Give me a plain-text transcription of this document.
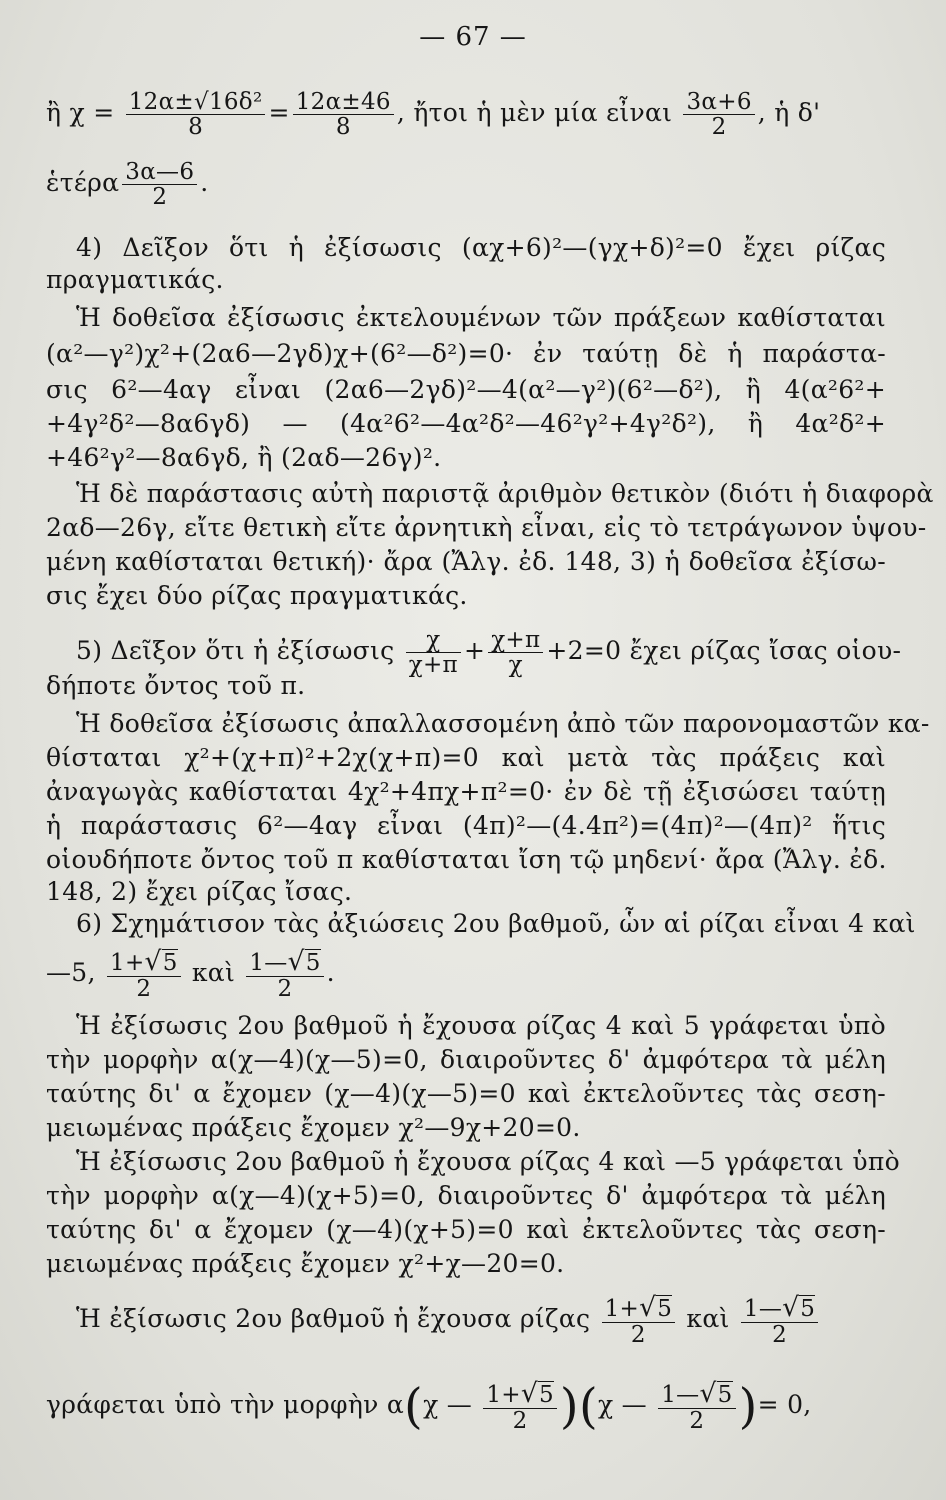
— 67 —
ἢ $\chi = \frac{\text{12α±√16δ²}}{8} = \frac{12\alpha\pm 46}{8}$ , ἤτοι ἡ μὲν μία εἶναι $\frac{3\alpha+6}{2}$ , ἡ δ'
ἑτέρα $\frac{3\alpha—6}{2}$ .
4) Δεῖξον ὅτι ἡ ἐξίσωσις (αχ+6)²—(γχ+δ)²=0 ἔχει ρίζας
πραγματικάς.
Ἡ δοθεῖσα ἐξίσωσις ἐκτελουμένων τῶν πράξεων καθίσταται
(α²—γ²)χ²+(2α6—2γδ)χ+(6²—δ²)=0· ἐν ταύτῃ δὲ ἡ παράστα-
σις 6²—4αγ εἶναι (2α6—2γδ)²—4(α²—γ²)(6²—δ²), ἢ 4(α²6²+
+4γ²δ²—8α6γδ) — (4α²6²—4α²δ²—46²γ²+4γ²δ²), ἢ 4α²δ²+
+46²γ²—8α6γδ, ἢ (2αδ—26γ)².
Ἡ δὲ παράστασις αὐτὴ παριστᾷ ἀριθμὸν θετικὸν (διότι ἡ διαφορὰ
2αδ—26γ, εἴτε θετικὴ εἴτε ἀρνητικὴ εἶναι, εἰς τὸ τετράγωνον ὑψου-
μένη καθίσταται θετική)· ἄρα (Ἄλγ. ἐδ. 148, 3) ἡ δοθεῖσα ἐξίσω-
σις ἔχει δύο ρίζας πραγματικάς.
5) Δεῖξον ὅτι ἡ ἐξίσωσις $\frac{\chi}{\chi+\pi} + \frac{\chi+\pi}{\chi} +2=0$ ἔχει ρίζας ἴσας οἱου-
δήποτε ὄντος τοῦ π.
Ἡ δοθεῖσα ἐξίσωσις ἀπαλλασσομένη ἀπὸ τῶν παρονομαστῶν κα-
θίσταται χ²+(χ+π)²+2χ(χ+π)=0 καὶ μετὰ τὰς πράξεις καὶ
ἀναγωγὰς καθίσταται 4χ²+4πχ+π²=0· ἐν δὲ τῇ ἐξισώσει ταύτῃ
ἡ παράστασις 6²—4αγ εἶναι (4π)²—(4.4π²)=(4π)²—(4π)² ἥτις
οἱουδήποτε ὄντος τοῦ π καθίσταται ἴση τῷ μηδενί· ἄρα (Ἄλγ. ἐδ.
148, 2) ἔχει ρίζας ἴσας.
6) Σχημάτισον τὰς ἀξιώσεις 2ου βαθμοῦ, ὧν αἱ ρίζαι εἶναι 4 καὶ
—5, $\frac{1+√5}{2}$ καὶ $\frac{1—√5}{2}$ .
Ἡ ἐξίσωσις 2ου βαθμοῦ ἡ ἔχουσα ρίζας 4 καὶ 5 γράφεται ὑπὸ
τὴν μορφὴν α(χ—4)(χ—5)=0, διαιροῦντες δ' ἀμφότερα τὰ μέλη
ταύτης δι' α ἔχομεν (χ—4)(χ—5)=0 καὶ ἐκτελοῦντες τὰς σεση-
μειωμένας πράξεις ἔχομεν χ²—9χ+20=0.
Ἡ ἐξίσωσις 2ου βαθμοῦ ἡ ἔχουσα ρίζας 4 καὶ —5 γράφεται ὑπὸ
τὴν μορφὴν α(χ—4)(χ+5)=0, διαιροῦντες δ' ἀμφότερα τὰ μέλη
ταύτης δι' α ἔχομεν (χ—4)(χ+5)=0 καὶ ἐκτελοῦντες τὰς σεση-
μειωμένας πράξεις ἔχομεν χ²+χ—20=0.
Ἡ ἐξίσωσις 2ου βαθμοῦ ἡ ἔχουσα ρίζας $\frac{1+√5}{2}$ καὶ $\frac{1—√5}{2}$
γράφεται ὑπὸ τὴν μορφὴν α(χ — $\frac{1+√5}{2} )(\chi$ — $\frac{1—√5}{2}$ )= 0,
